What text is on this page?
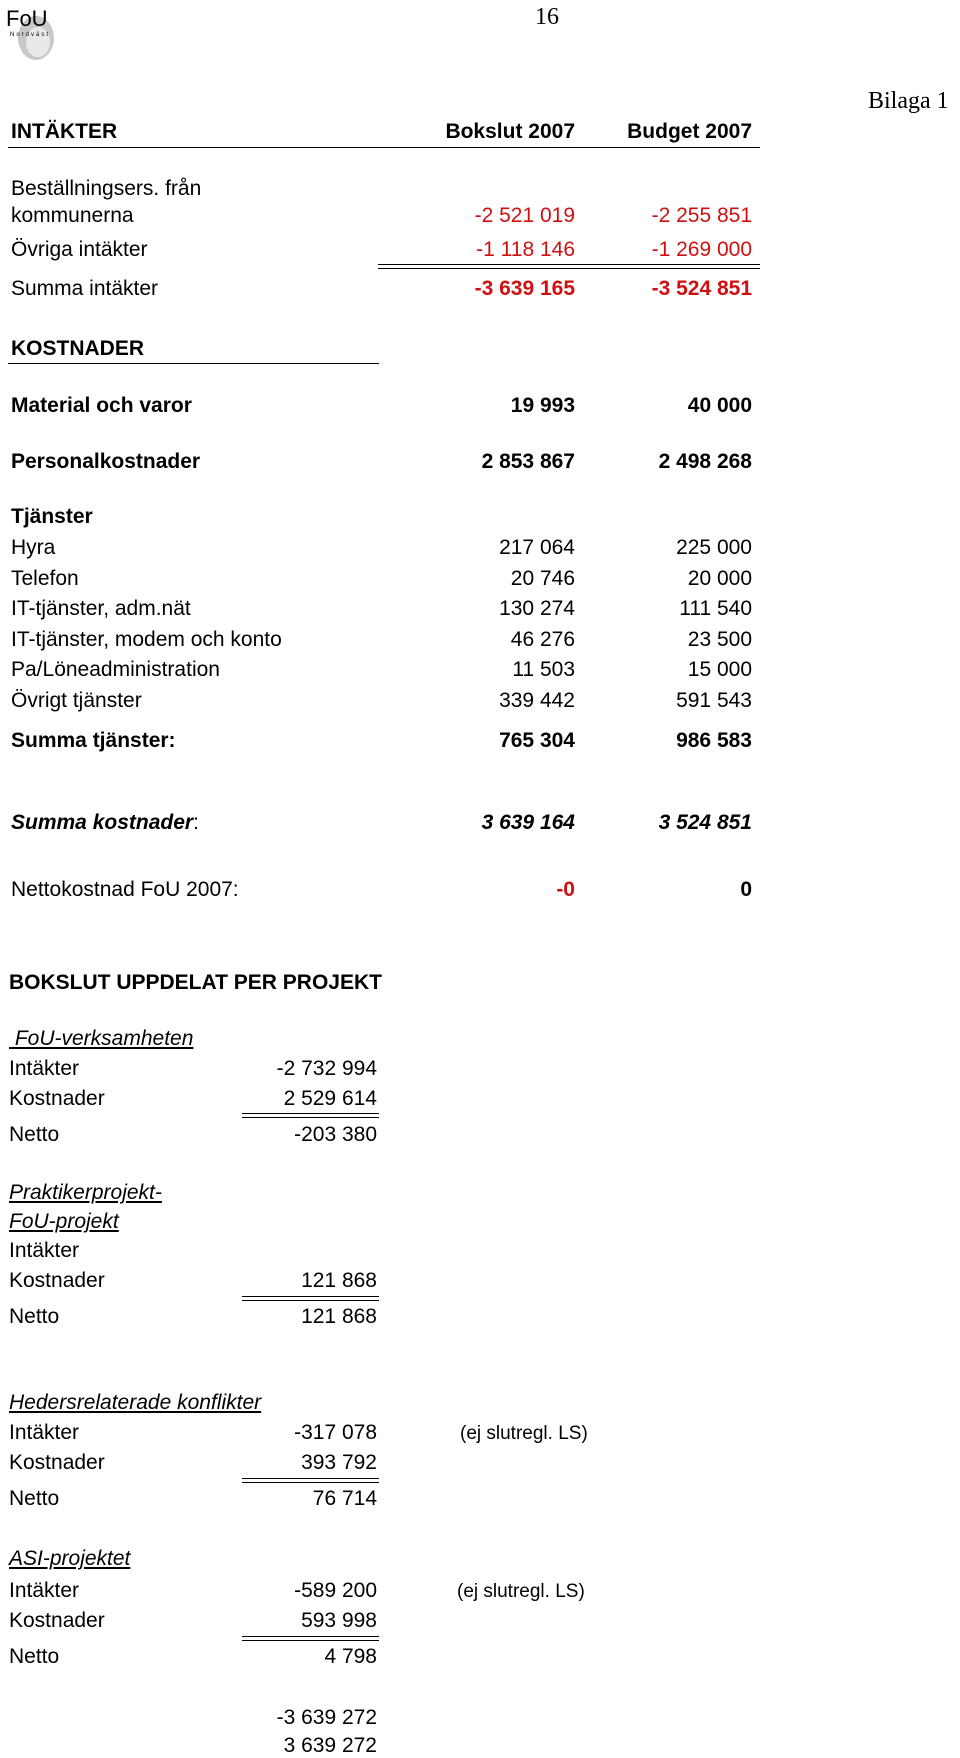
FoU
Nordväst
16
Bilaga 1
INTÄKTER	Bokslut 2007	Budget 2007
Beställningsers. från
kommunerna	-2 521 019	-2 255 851
Övriga intäkter	-1 118 146	-1 269 000
Summa intäkter	-3 639 165	-3 524 851
KOSTNADER
Material och varor	19 993	40 000
Personalkostnader	2 853 867	2 498 268
Tjänster
Hyra	217 064	225 000
Telefon	20 746	20 000
IT-tjänster, adm.nät	130 274	111 540
IT-tjänster, modem och konto	46 276	23 500
Pa/Löneadministration	11 503	15 000
Övrigt tjänster	339 442	591 543
Summa tjänster:	765 304	986 583
Summa kostnader:	3 639 164	3 524 851
Nettokostnad FoU 2007:	-0	0
BOKSLUT UPPDELAT PER PROJEKT
FoU-verksamheten
Intäkter	-2 732 994
Kostnader	2 529 614
Netto	-203 380
Praktikerprojekt-
FoU-projekt
Intäkter
Kostnader	121 868
Netto	121 868
Hedersrelaterade konflikter
Intäkter	-317 078	(ej slutregl. LS)
Kostnader	393 792
Netto	76 714
ASI-projektet
Intäkter	-589 200	(ej slutregl. LS)
Kostnader	593 998
Netto	4 798
-3 639 272
3 639 272
